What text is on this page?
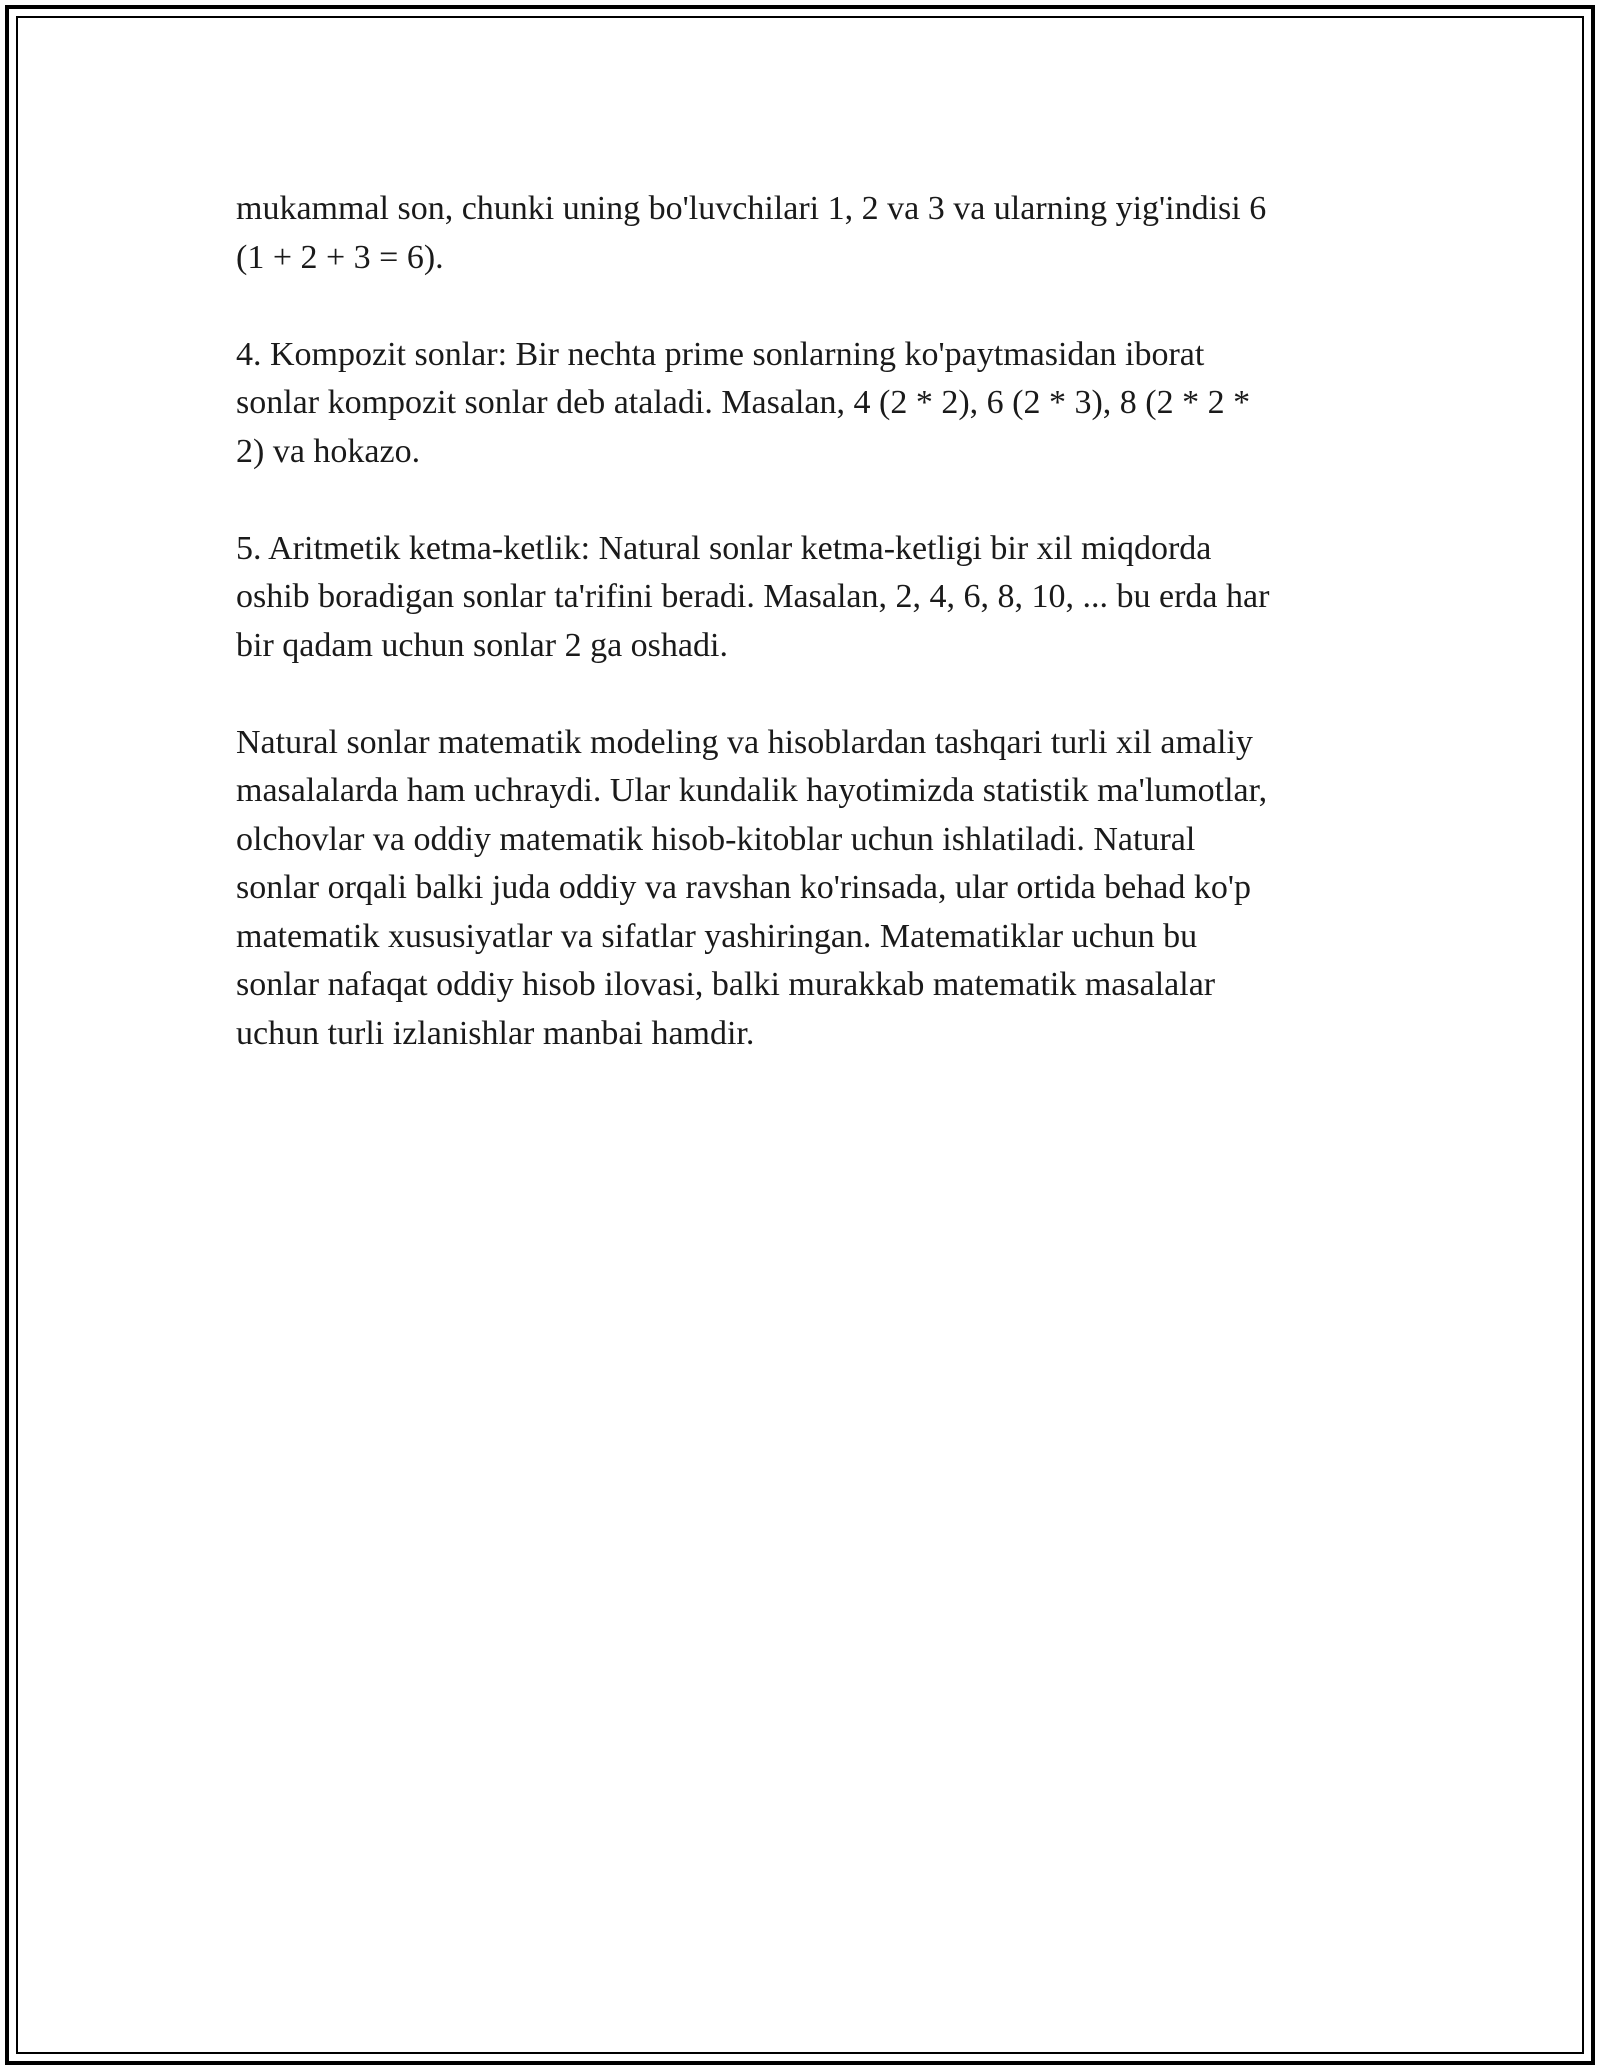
mukammal son, chunki uning bo'luvchilari 1, 2 va 3 va ularning yig'indisi 6
(1 + 2 + 3 = 6).

4. Kompozit sonlar: Bir nechta prime sonlarning ko'paytmasidan iborat
sonlar kompozit sonlar deb ataladi. Masalan, 4 (2 * 2), 6 (2 * 3), 8 (2 * 2 *
2) va hokazo.

5. Aritmetik ketma-ketlik: Natural sonlar ketma-ketligi bir xil miqdorda
oshib boradigan sonlar ta'rifini beradi. Masalan, 2, 4, 6, 8, 10, ... bu erda har
bir qadam uchun sonlar 2 ga oshadi.

Natural sonlar matematik modeling va hisoblardan tashqari turli xil amaliy
masalalarda ham uchraydi. Ular kundalik hayotimizda statistik ma'lumotlar,
olchovlar va oddiy matematik hisob-kitoblar uchun ishlatiladi. Natural
sonlar orqali balki juda oddiy va ravshan ko'rinsada, ular ortida behad ko'p
matematik xususiyatlar va sifatlar yashiringan. Matematiklar uchun bu
sonlar nafaqat oddiy hisob ilovasi, balki murakkab matematik masalalar
uchun turli izlanishlar manbai hamdir.
